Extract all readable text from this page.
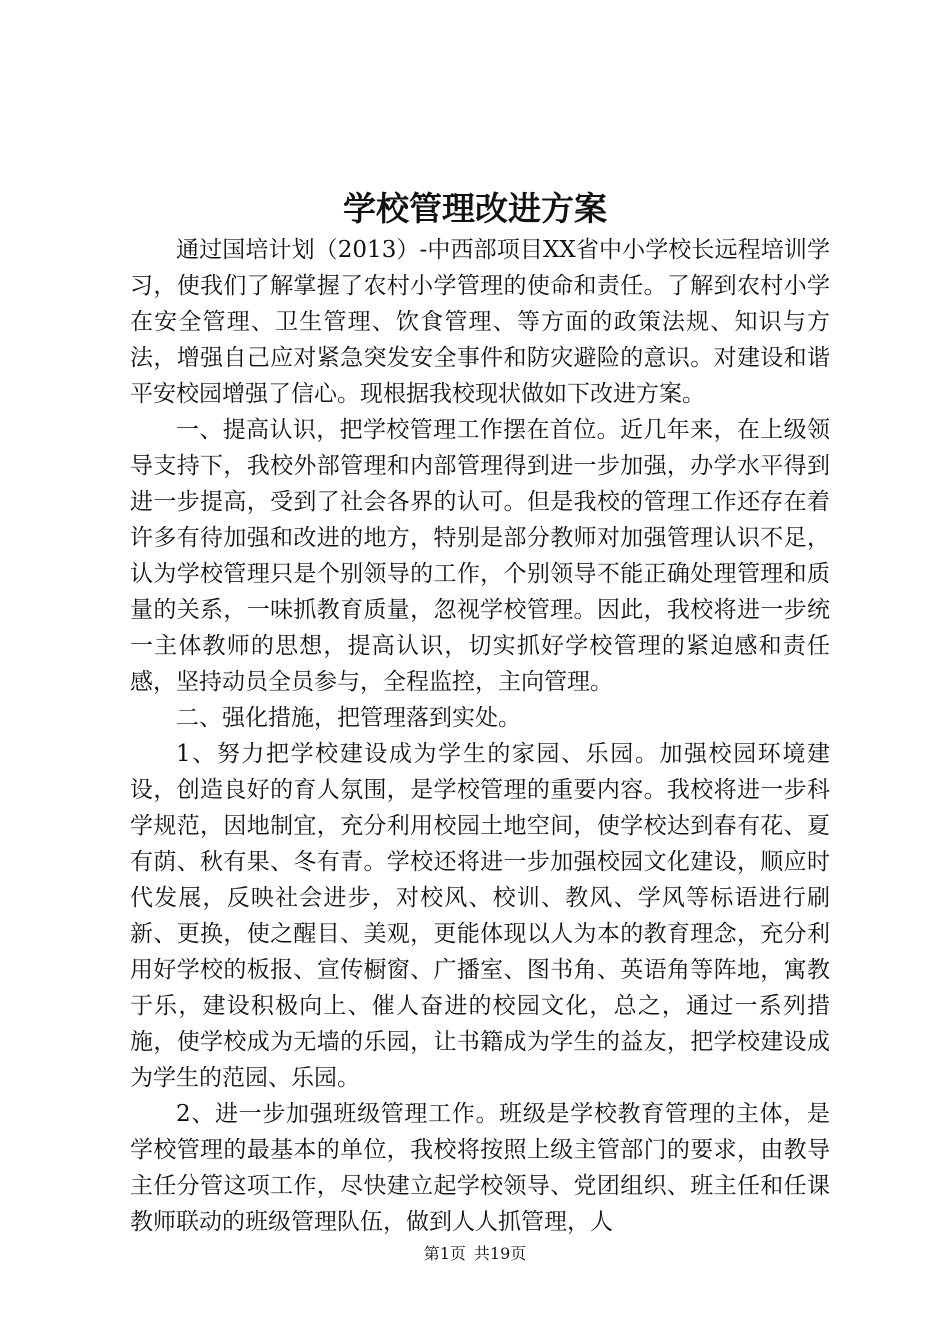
学校管理改进方案

通过国培计划（2013）-中西部项目XX省中小学校长远程培训学习，使我们了解掌握了农村小学管理的使命和责任。了解到农村小学在安全管理、卫生管理、饮食管理、等方面的政策法规、知识与方法，增强自己应对紧急突发安全事件和防灾避险的意识。对建设和谐平安校园增强了信心。现根据我校现状做如下改进方案。

一、提高认识，把学校管理工作摆在首位。近几年来，在上级领导支持下，我校外部管理和内部管理得到进一步加强，办学水平得到进一步提高，受到了社会各界的认可。但是我校的管理工作还存在着许多有待加强和改进的地方，特别是部分教师对加强管理认识不足，认为学校管理只是个别领导的工作，个别领导不能正确处理管理和质量的关系，一味抓教育质量，忽视学校管理。因此，我校将进一步统一主体教师的思想，提高认识，切实抓好学校管理的紧迫感和责任感，坚持动员全员参与，全程监控，主向管理。

二、强化措施，把管理落到实处。

1、努力把学校建设成为学生的家园、乐园。加强校园环境建设，创造良好的育人氛围，是学校管理的重要内容。我校将进一步科学规范，因地制宜，充分利用校园土地空间，使学校达到春有花、夏有荫、秋有果、冬有青。学校还将进一步加强校园文化建设，顺应时代发展，反映社会进步，对校风、校训、教风、学风等标语进行刷新、更换，使之醒目、美观，更能体现以人为本的教育理念，充分利用好学校的板报、宣传橱窗、广播室、图书角、英语角等阵地，寓教于乐，建设积极向上、催人奋进的校园文化，总之，通过一系列措施，使学校成为无墙的乐园，让书籍成为学生的益友，把学校建设成为学生的范园、乐园。

2、进一步加强班级管理工作。班级是学校教育管理的主体，是学校管理的最基本的单位，我校将按照上级主管部门的要求，由教导主任分管这项工作，尽快建立起学校领导、党团组织、班主任和任课教师联动的班级管理队伍，做到人人抓管理，人

第1页 共19页
